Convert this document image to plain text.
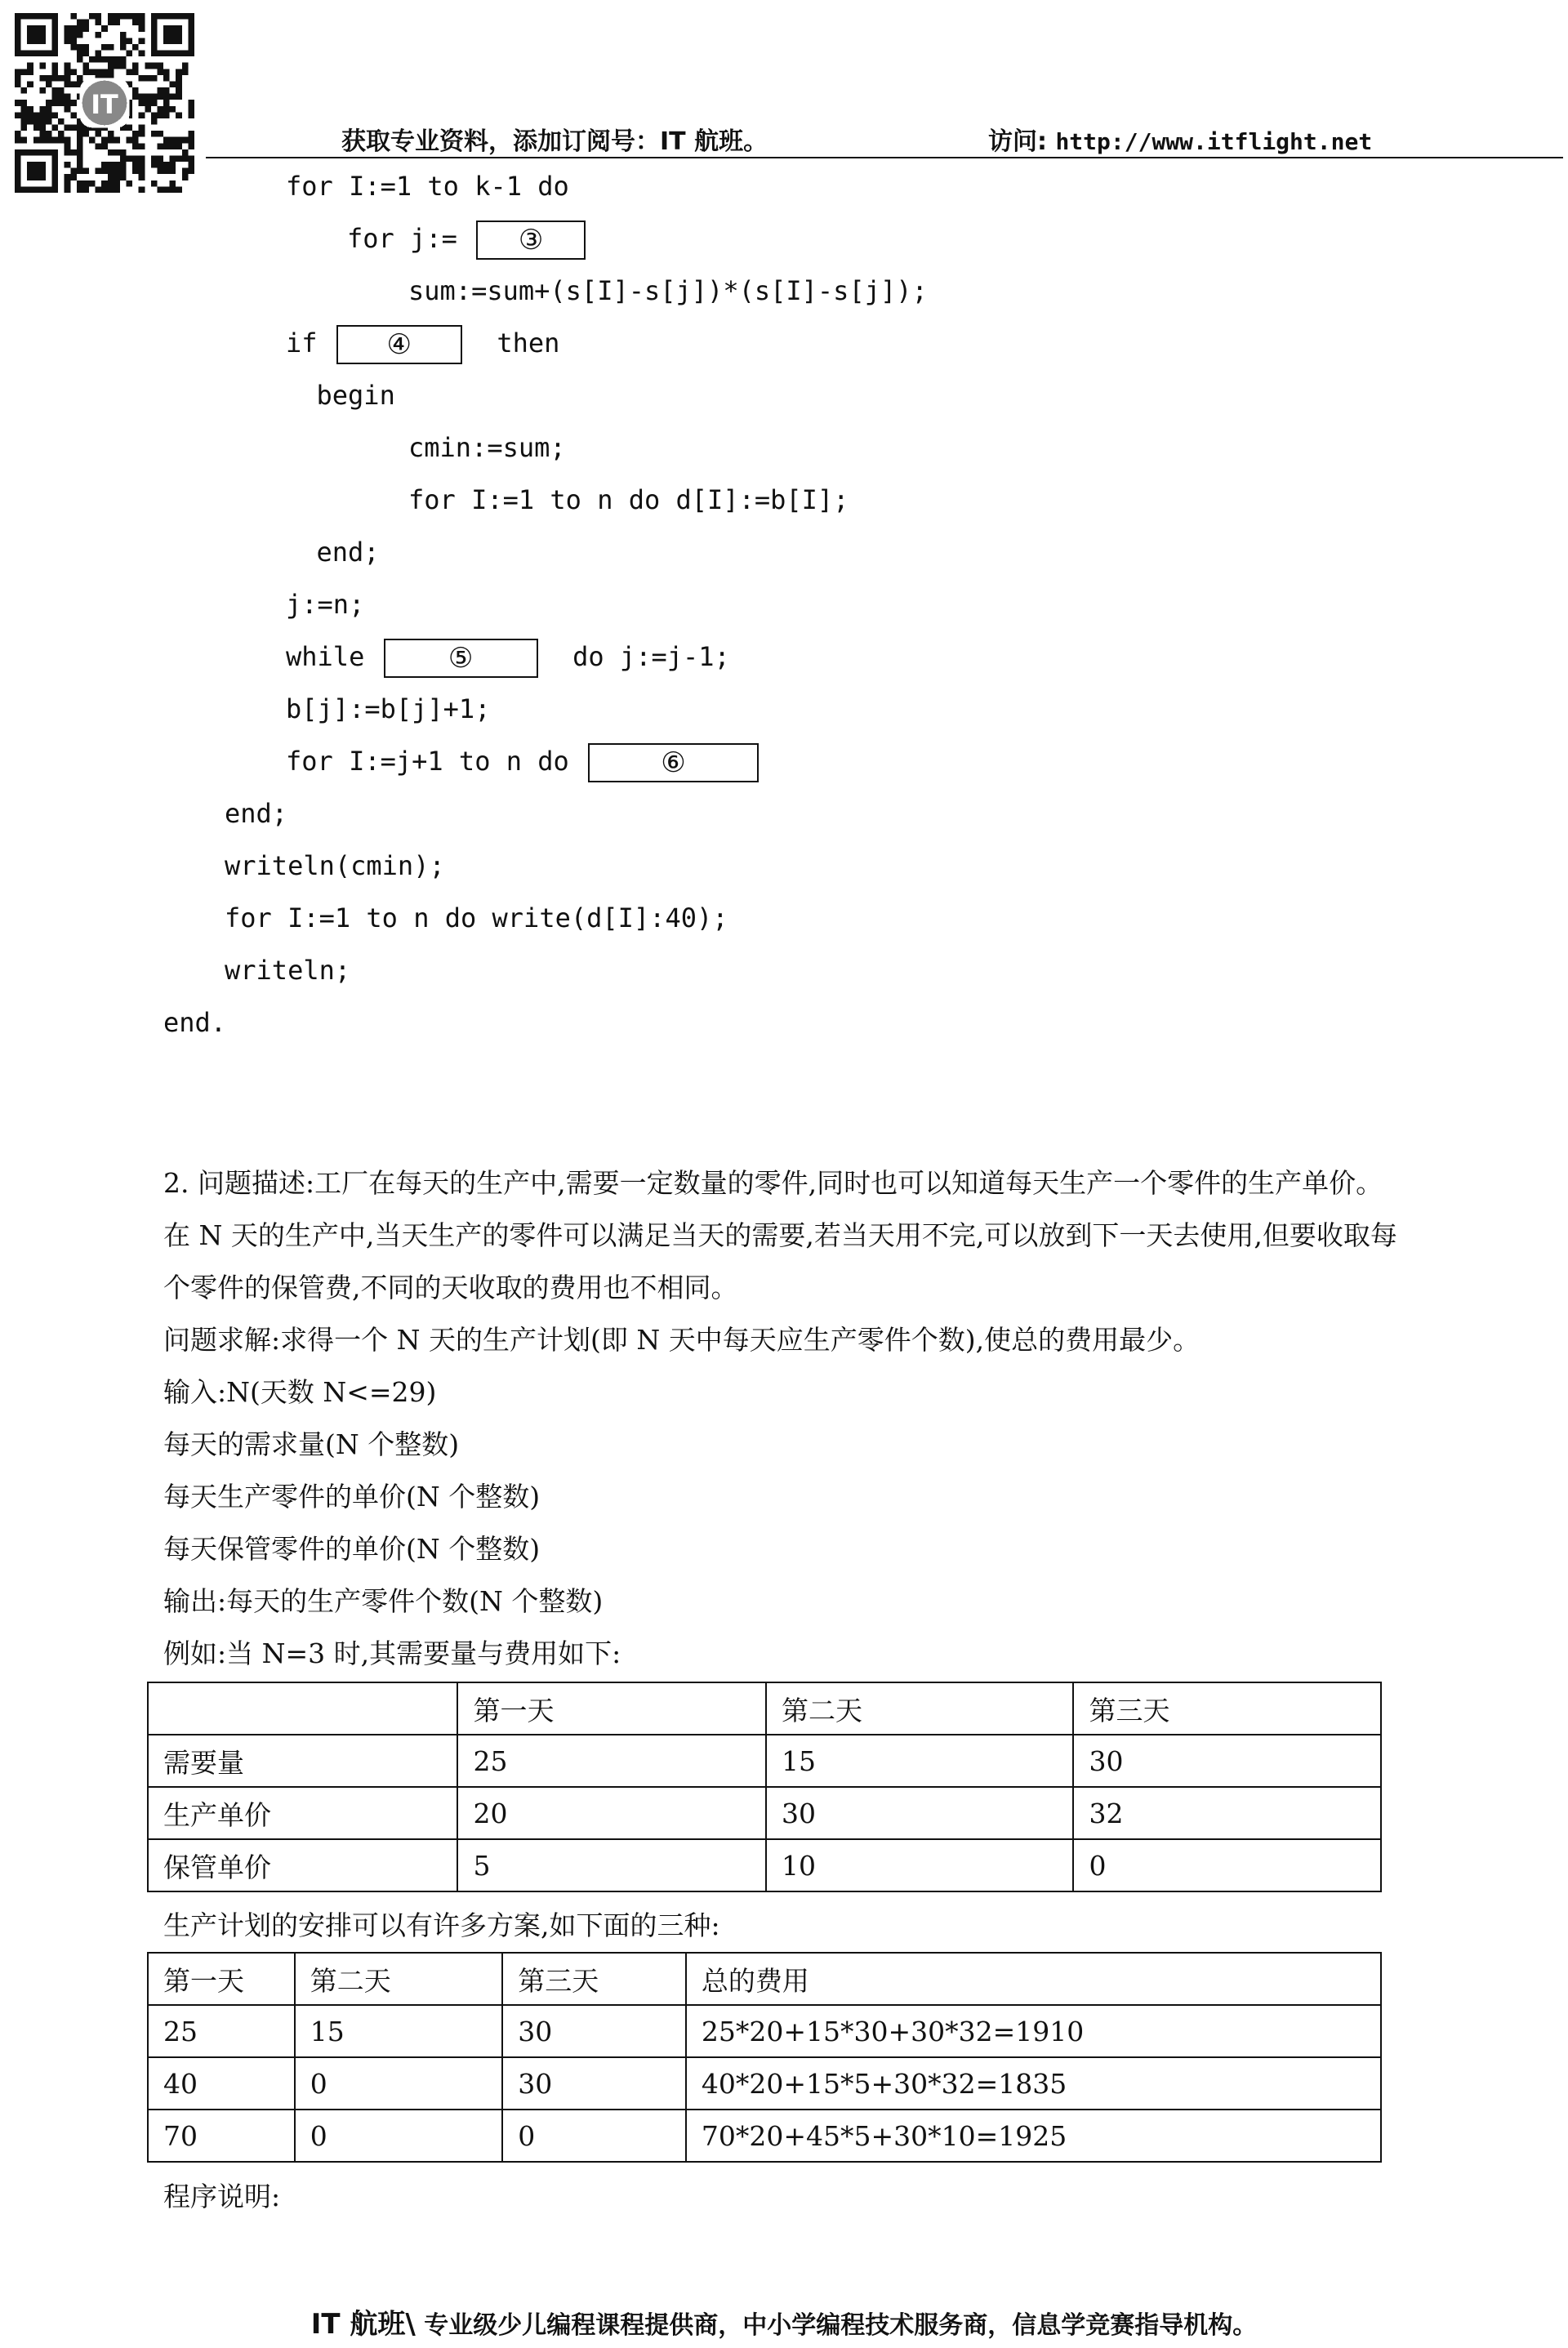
IT
获取专业资料，添加订阅号：IT 航班。	访问: http://www.itflight.net
for I:=1 to k-1 do
for j:= ③
sum:=sum+(s[I]-s[j])*(s[I]-s[j]);
if ④  then
begin
cmin:=sum;
for I:=1 to n do d[I]:=b[I];
end;
j:=n;
while ⑤	do j:=j-1;
b[j]:=b[j]+1;
for I:=j+1 to n do	⑥
end;
writeln(cmin);
for I:=1 to n do write(d[I]:40);
writeln;
end.

2. 问题描述:工厂在每天的生产中,需要一定数量的零件,同时也可以知道每天生产一个零件的生产单价。

在 N 天的生产中,当天生产的零件可以满足当天的需要,若当天用不完,可以放到下一天去使用,但要收取每

个零件的保管费,不同的天收取的费用也不相同。

问题求解:求得一个 N 天的生产计划(即 N 天中每天应生产零件个数),使总的费用最少。

输入:N(天数 N<=29)

每天的需求量(N 个整数)

每天生产零件的单价(N 个整数)

每天保管零件的单价(N 个整数)

输出:每天的生产零件个数(N 个整数)

例如:当 N=3 时,其需要量与费用如下:

	第一天	第二天	第三天
需要量	25	15	30
生产单价	20	30	32
保管单价	5	10	0
生产计划的安排可以有许多方案,如下面的三种:
第一天	第二天	第三天	总的费用
25	15	30	25*20+15*30+30*32=1910
40	0	30	40*20+15*5+30*32=1835
70	0	0	70*20+45*5+30*10=1925
程序说明:
IT 航班\ 专业级少儿编程课程提供商，中小学编程技术服务商，信息学竞赛指导机构。
